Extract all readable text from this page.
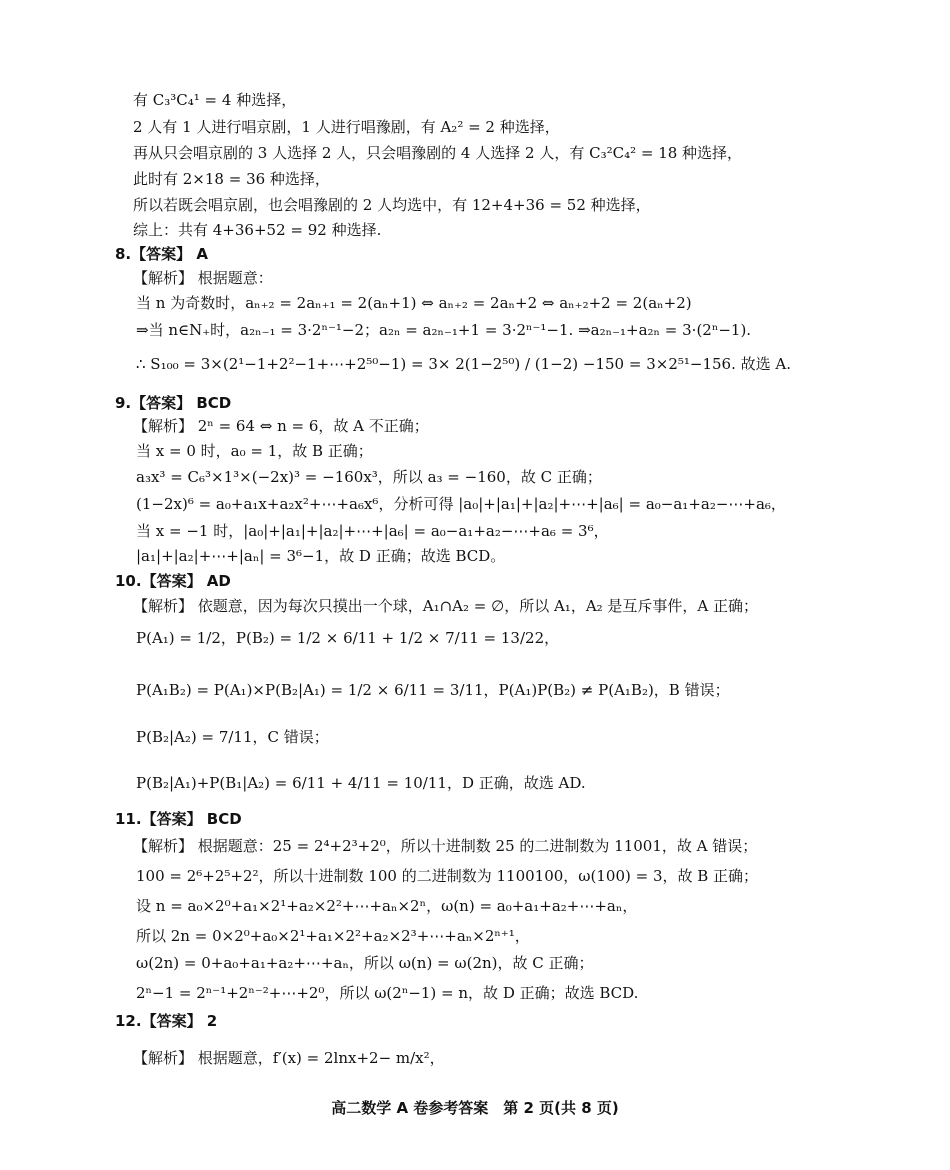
有 C₃³C₄¹ = 4 种选择，
2 人有 1 人进行唱京剧，1 人进行唱豫剧，有 A₂² = 2 种选择，
再从只会唱京剧的 3 人选择 2 人，只会唱豫剧的 4 人选择 2 人，有 C₃²C₄² = 18 种选择，
此时有 2×18 = 36 种选择，
所以若既会唱京剧，也会唱豫剧的 2 人均选中，有 12+4+36 = 52 种选择，
综上：共有 4+36+52 = 92 种选择.
8.【答案】 A
【解析】 根据题意：
当 n 为奇数时，aₙ₊₂ = 2aₙ₊₁ = 2(aₙ+1) ⇔ aₙ₊₂ = 2aₙ+2 ⇔ aₙ₊₂+2 = 2(aₙ+2)
⇒当 n∈N₊时，a₂ₙ₋₁ = 3·2ⁿ⁻¹−2；a₂ₙ = a₂ₙ₋₁+1 = 3·2ⁿ⁻¹−1. ⇒a₂ₙ₋₁+a₂ₙ = 3·(2ⁿ−1).
∴ S₁₀₀ = 3×(2¹−1+2²−1+⋯+2⁵⁰−1) = 3× 2(1−2⁵⁰) / (1−2) −150 = 3×2⁵¹−156. 故选 A.
9.【答案】 BCD
【解析】 2ⁿ = 64 ⇔ n = 6，故 A 不正确；
当 x = 0 时，a₀ = 1，故 B 正确；
a₃x³ = C₆³×1³×(−2x)³ = −160x³，所以 a₃ = −160，故 C 正确；
(1−2x)⁶ = a₀+a₁x+a₂x²+⋯+a₆x⁶，分析可得 |a₀|+|a₁|+|a₂|+⋯+|a₆| = a₀−a₁+a₂−⋯+a₆，
当 x = −1 时，|a₀|+|a₁|+|a₂|+⋯+|a₆| = a₀−a₁+a₂−⋯+a₆ = 3⁶，
|a₁|+|a₂|+⋯+|aₙ| = 3⁶−1，故 D 正确；故选 BCD。
10.【答案】 AD
【解析】 依题意，因为每次只摸出一个球，A₁∩A₂ = ∅，所以 A₁，A₂ 是互斥事件，A 正确；
P(A₁) = 1/2，P(B₂) = 1/2 × 6/11 + 1/2 × 7/11 = 13/22，
P(A₁B₂) = P(A₁)×P(B₂|A₁) = 1/2 × 6/11 = 3/11，P(A₁)P(B₂) ≠ P(A₁B₂)，B 错误；
P(B₂|A₂) = 7/11，C 错误；
P(B₂|A₁)+P(B₁|A₂) = 6/11 + 4/11 = 10/11，D 正确，故选 AD.
11.【答案】 BCD
【解析】 根据题意：25 = 2⁴+2³+2⁰，所以十进制数 25 的二进制数为 11001，故 A 错误；
100 = 2⁶+2⁵+2²，所以十进制数 100 的二进制数为 1100100，ω(100) = 3，故 B 正确；
设 n = a₀×2⁰+a₁×2¹+a₂×2²+⋯+aₙ×2ⁿ，ω(n) = a₀+a₁+a₂+⋯+aₙ，
所以 2n = 0×2⁰+a₀×2¹+a₁×2²+a₂×2³+⋯+aₙ×2ⁿ⁺¹，
ω(2n) = 0+a₀+a₁+a₂+⋯+aₙ，所以 ω(n) = ω(2n)，故 C 正确；
2ⁿ−1 = 2ⁿ⁻¹+2ⁿ⁻²+⋯+2⁰，所以 ω(2ⁿ−1) = n，故 D 正确；故选 BCD.
12.【答案】 2
【解析】 根据题意，f′(x) = 2lnx+2− m/x²，
高二数学 A 卷参考答案　第 2 页(共 8 页)
